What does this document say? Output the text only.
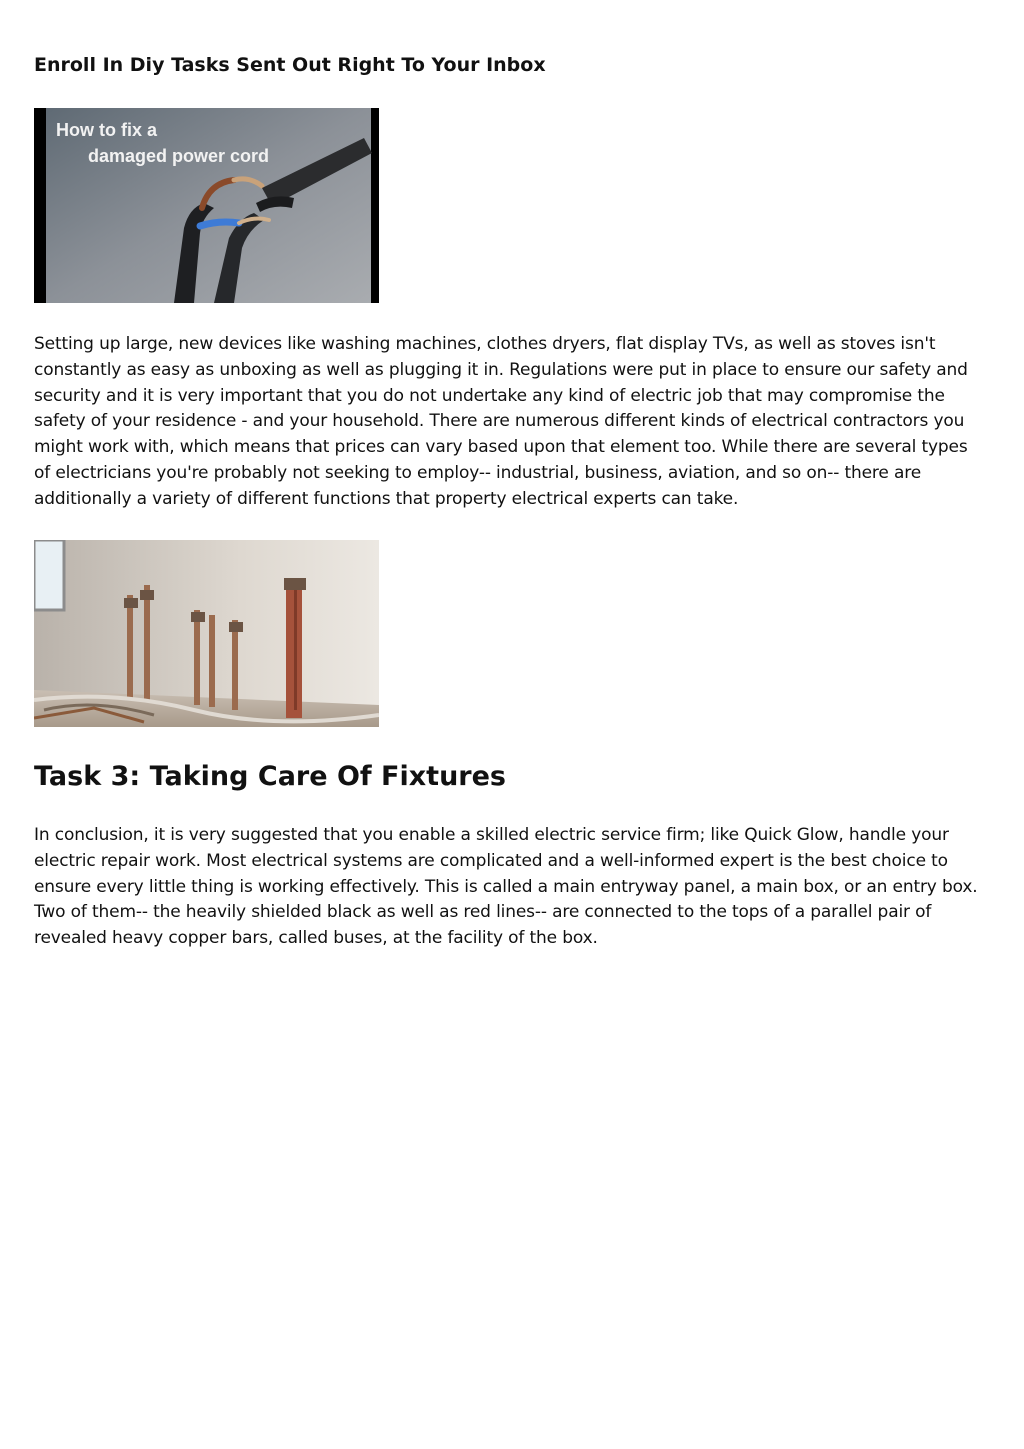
Enroll In Diy Tasks Sent Out Right To Your Inbox
How to fix a
damaged power cord

Setting up large, new devices like washing machines, clothes dryers, flat display TVs, as well as stoves isn't constantly as easy as unboxing as well as plugging it in. Regulations were put in place to ensure our safety and security and it is very important that you do not undertake any kind of electric job that may compromise the safety of your residence - and your household. There are numerous different kinds of electrical contractors you might work with, which means that prices can vary based upon that element too. While there are several types of electricians you're probably not seeking to employ-- industrial, business, aviation, and so on-- there are additionally a variety of different functions that property electrical experts can take.

Task 3: Taking Care Of Fixtures

In conclusion, it is very suggested that you enable a skilled electric service firm; like Quick Glow, handle your electric repair work. Most electrical systems are complicated and a well-informed expert is the best choice to ensure every little thing is working effectively. This is called a main entryway panel, a main box, or an entry box. Two of them-- the heavily shielded black as well as red lines-- are connected to the tops of a parallel pair of revealed heavy copper bars, called buses, at the facility of the box.
